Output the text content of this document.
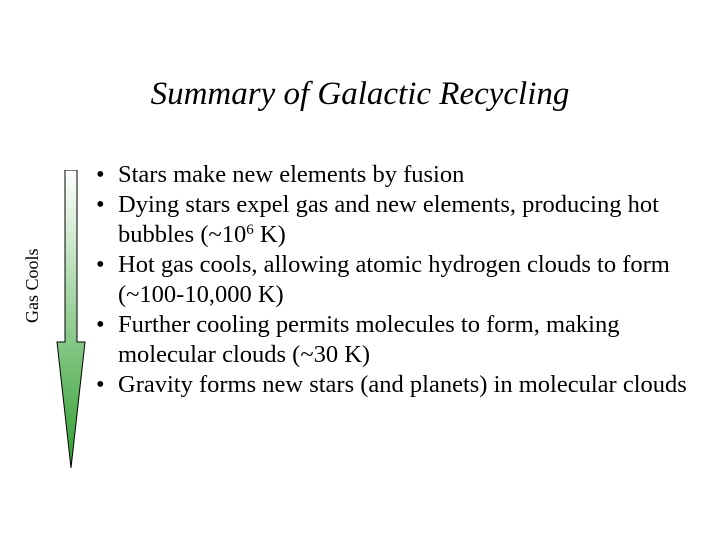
Summary of Galactic Recycling
Gas Cools
• Stars make new elements by fusion
• Dying stars expel gas and new elements, producing hot bubbles ($\sim 10^6$ K)
• Hot gas cools, allowing atomic hydrogen clouds to form (~100-10,000 K)
• Further cooling permits molecules to form, making molecular clouds (~30 K)
• Gravity forms new stars (and planets) in molecular clouds
